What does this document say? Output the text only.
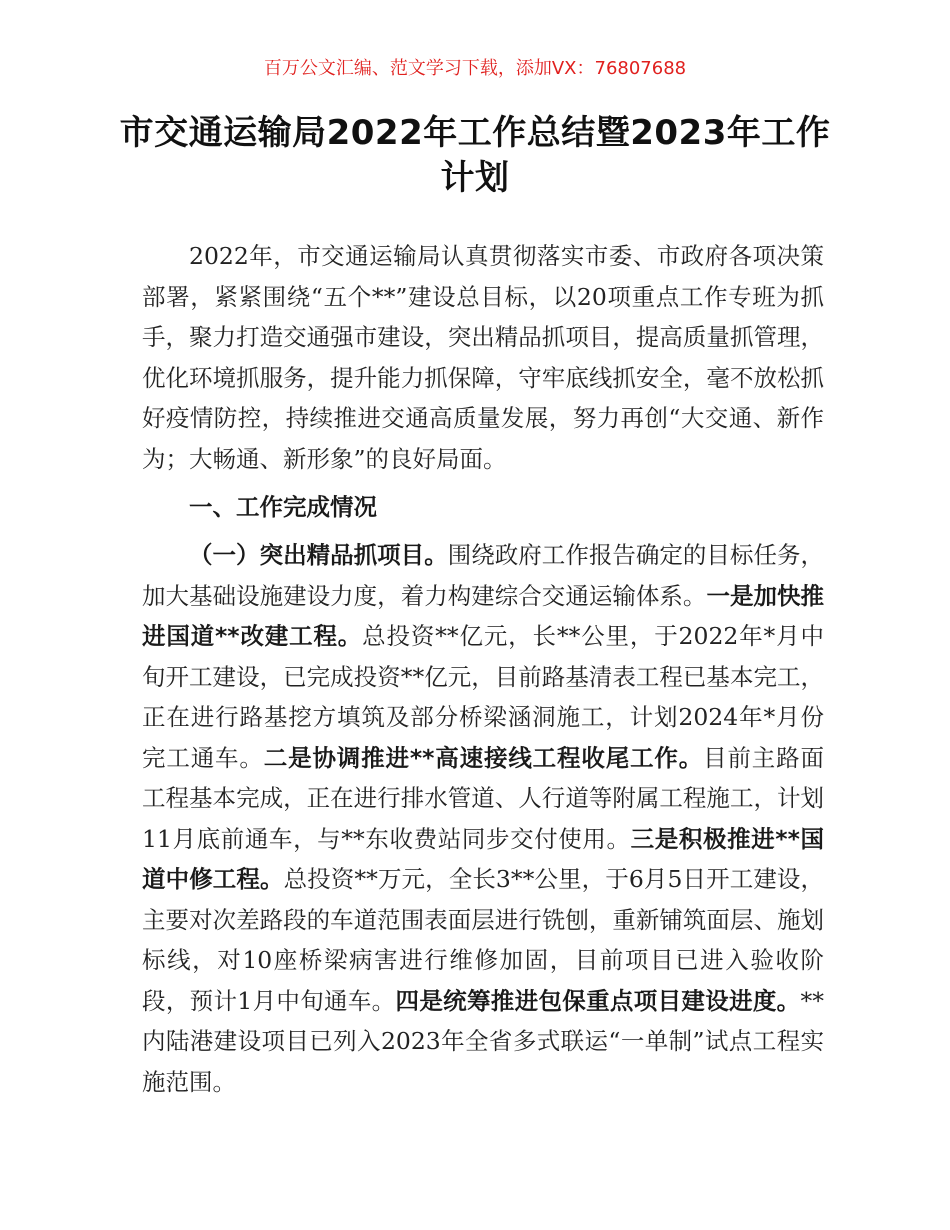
百万公文汇编、范文学习下载，添加VX：76807688
市交通运输局2022年工作总结暨2023年工作计划

2022年，市交通运输局认真贯彻落实市委、市政府各项决策部署，紧紧围绕“五个**”建设总目标，以20项重点工作专班为抓手，聚力打造交通强市建设，突出精品抓项目，提高质量抓管理，优化环境抓服务，提升能力抓保障，守牢底线抓安全，毫不放松抓好疫情防控，持续推进交通高质量发展，努力再创“大交通、新作为；大畅通、新形象”的良好局面。

一、工作完成情况

（一）突出精品抓项目。围绕政府工作报告确定的目标任务，加大基础设施建设力度，着力构建综合交通运输体系。一是加快推进国道**改建工程。总投资**亿元，长**公里，于2022年*月中旬开工建设，已完成投资**亿元，目前路基清表工程已基本完工，正在进行路基挖方填筑及部分桥梁涵洞施工，计划2024年*月份完工通车。二是协调推进**高速接线工程收尾工作。目前主路面工程基本完成，正在进行排水管道、人行道等附属工程施工，计划11月底前通车，与**东收费站同步交付使用。三是积极推进**国道中修工程。总投资**万元，全长3**公里，于6月5日开工建设，主要对次差路段的车道范围表面层进行铣刨，重新铺筑面层、施划标线，对10座桥梁病害进行维修加固，目前项目已进入验收阶段，预计1月中旬通车。四是统筹推进包保重点项目建设进度。**内陆港建设项目已列入2023年全省多式联运“一单制”试点工程实施范围。
